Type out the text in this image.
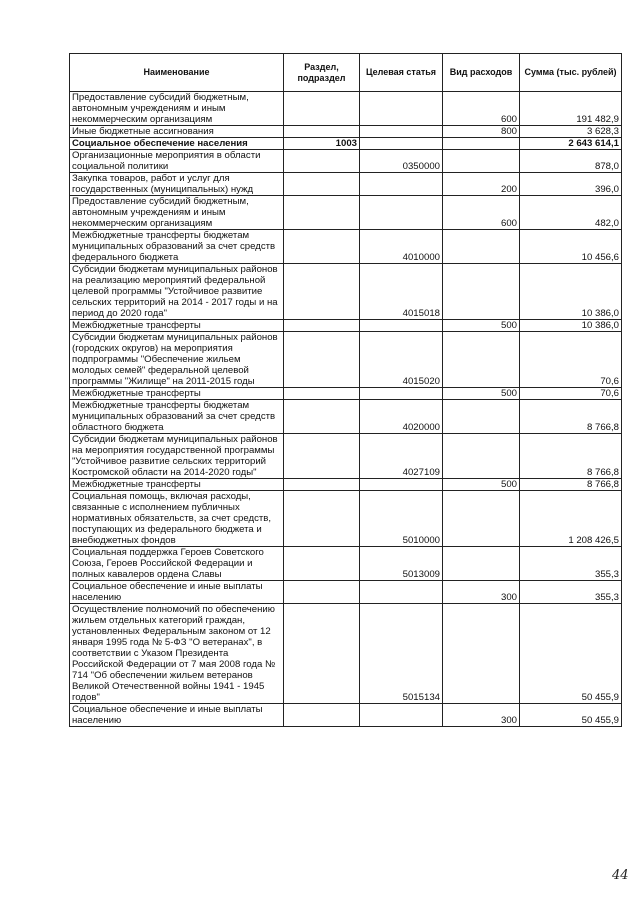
Наименование	Раздел, подраздел	Целевая статья	Вид расходов	Сумма (тыс. рублей)
Предоставление субсидий бюджетным, автономным учреждениям и иным некоммерческим организациям			600	191 482,9
Иные бюджетные ассигнования			800	3 628,3
Социальное обеспечение населения	1003			2 643 614,1
Организационные мероприятия в области социальной политики		0350000		878,0
Закупка товаров, работ и услуг для государственных (муниципальных) нужд			200	396,0
Предоставление субсидий бюджетным, автономным учреждениям и иным некоммерческим организациям			600	482,0
Межбюджетные трансферты бюджетам муниципальных образований за счет средств федерального бюджета		4010000		10 456,6
Субсидии бюджетам муниципальных районов на реализацию мероприятий федеральной целевой программы "Устойчивое развитие сельских территорий на 2014 - 2017 годы и на период до 2020 года"		4015018		10 386,0
Межбюджетные трансферты			500	10 386,0
Субсидии бюджетам муниципальных районов (городских округов) на мероприятия подпрограммы "Обеспечение жильем молодых семей" федеральной целевой программы "Жилище" на 2011-2015 годы		4015020		70,6
Межбюджетные трансферты			500	70,6
Межбюджетные трансферты бюджетам муниципальных образований за счет средств областного бюджета		4020000		8 766,8
Субсидии бюджетам муниципальных районов на мероприятия государственной программы "Устойчивое развитие сельских территорий Костромской области на 2014-2020 годы"		4027109		8 766,8
Межбюджетные трансферты			500	8 766,8
Социальная помощь, включая расходы, связанные с исполнением публичных нормативных обязательств, за счет средств, поступающих из федерального бюджета и внебюджетных фондов		5010000		1 208 426,5
Социальная поддержка Героев Советского Союза, Героев Российской Федерации и полных кавалеров ордена Славы		5013009		355,3
Социальное обеспечение и иные выплаты населению			300	355,3
Осуществление полномочий по обеспечению жильем отдельных категорий граждан, установленных Федеральным законом от 12 января 1995 года № 5-ФЗ "О ветеранах", в соответствии с Указом Президента Российской Федерации от 7 мая 2008 года № 714 "Об обеспечении жильем ветеранов Великой Отечественной войны 1941 - 1945 годов"		5015134		50 455,9
Социальное обеспечение и иные выплаты населению			300	50 455,9
44
